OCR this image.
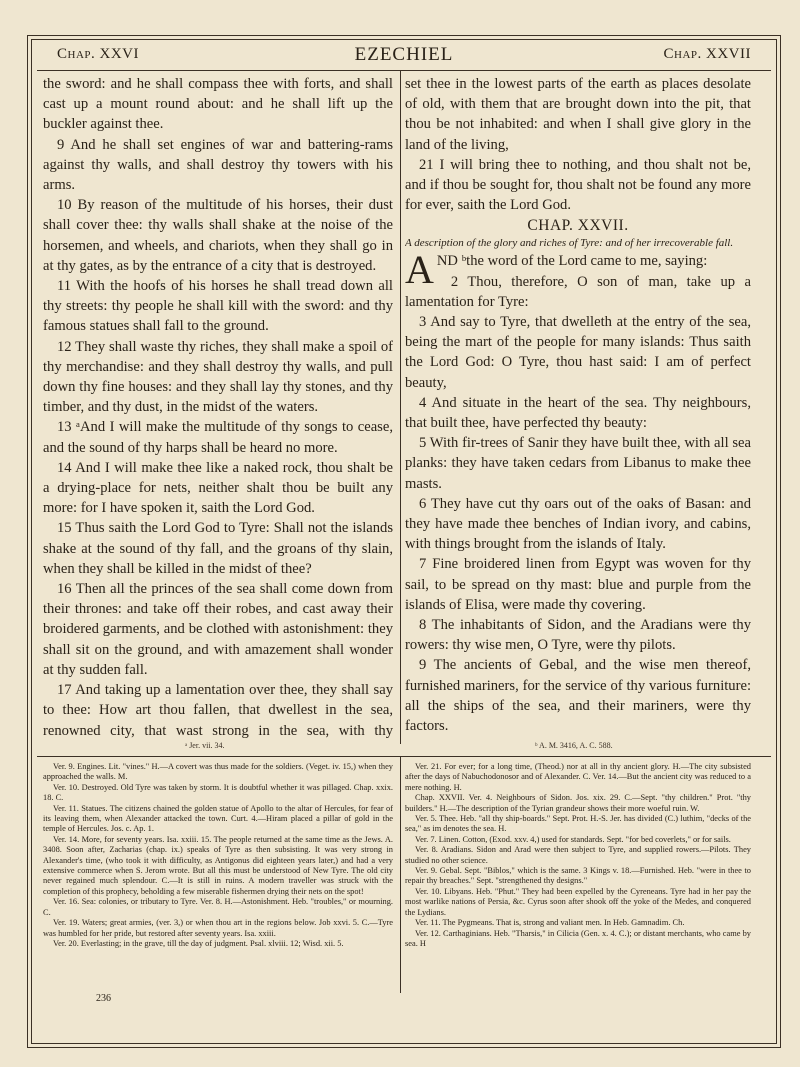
Chap. XXVI	EZECHIEL	Chap. XXVII

the sword: and he shall compass thee with forts, and shall cast up a mount round about: and he shall lift up the buckler against thee.

9 And he shall set engines of war and battering-rams against thy walls, and shall destroy thy towers with his arms.

10 By reason of the multitude of his horses, their dust shall cover thee: thy walls shall shake at the noise of the horsemen, and wheels, and chariots, when they shall go in at thy gates, as by the entrance of a city that is destroyed.

11 With the hoofs of his horses he shall tread down all thy streets: thy people he shall kill with the sword: and thy famous statues shall fall to the ground.

12 They shall waste thy riches, they shall make a spoil of thy merchandise: and they shall destroy thy walls, and pull down thy fine houses: and they shall lay thy stones, and thy timber, and thy dust, in the midst of the waters.

13 ᵃAnd I will make the multitude of thy songs to cease, and the sound of thy harps shall be heard no more.

14 And I will make thee like a naked rock, thou shalt be a drying-place for nets, neither shalt thou be built any more: for I have spoken it, saith the Lord God.

15 Thus saith the Lord God to Tyre: Shall not the islands shake at the sound of thy fall, and the groans of thy slain, when they shall be killed in the midst of thee?

16 Then all the princes of the sea shall come down from their thrones: and take off their robes, and cast away their broidered garments, and be clothed with astonishment: they shall sit on the ground, and with amazement shall wonder at thy sudden fall.

17 And taking up a lamentation over thee, they shall say to thee: How art thou fallen, that dwellest in the sea, renowned city, that wast strong in the sea, with thy

set thee in the lowest parts of the earth as places desolate of old, with them that are brought down into the pit, that thou be not inhabited: and when I shall give glory in the land of the living,

21 I will bring thee to nothing, and thou shalt not be, and if thou be sought for, thou shalt not be found any more for ever, saith the Lord God.

CHAP. XXVII.

A description of the glory and riches of Tyre: and of her irrecoverable fall.

AND ᵇthe word of the Lord came to me, saying:

2 Thou, therefore, O son of man, take up a lamentation for Tyre:

3 And say to Tyre, that dwelleth at the entry of the sea, being the mart of the people for many islands: Thus saith the Lord God: O Tyre, thou hast said: I am of perfect beauty,

4 And situate in the heart of the sea. Thy neighbours, that built thee, have perfected thy beauty:

5 With fir-trees of Sanir they have built thee, with all sea planks: they have taken cedars from Libanus to make thee masts.

6 They have cut thy oars out of the oaks of Basan: and they have made thee benches of Indian ivory, and cabins, with things brought from the islands of Italy.

7 Fine broidered linen from Egypt was woven for thy sail, to be spread on thy mast: blue and purple from the islands of Elisa, were made thy covering.

8 The inhabitants of Sidon, and the Aradians were thy rowers: thy wise men, O Tyre, were thy pilots.

9 The ancients of Gebal, and the wise men thereof, furnished mariners, for the service of thy various furniture: all the ships of the sea, and their mariners, were thy factors.

ᵃ Jer. vii. 34.	ᵇ A. M. 3416, A. C. 588.

Ver. 9. Engines. Lit. "vines." H.—A covert was thus made for the soldiers. (Veget. iv. 15,) when they approached the walls. M.

Ver. 10. Destroyed. Old Tyre was taken by storm. It is doubtful whether it was pillaged. Chap. xxix. 18. C.

Ver. 11. Statues. The citizens chained the golden statue of Apollo to the altar of Hercules, for fear of its leaving them, when Alexander attacked the town. Curt. 4.—Hiram placed a pillar of gold in the temple of Hercules. Jos. c. Ap. 1.

Ver. 14. More, for seventy years. Isa. xxiii. 15. The people returned at the same time as the Jews. A. 3408. Soon after, Zacharias (chap. ix.) speaks of Tyre as then subsisting. It was very strong in Alexander's time, (who took it with difficulty, as Antigonus did eighteen years later,) and had a very extensive commerce when S. Jerom wrote. But all this must be understood of New Tyre. The old city never regained much splendour. C.—It is still in ruins. A modern traveller was struck with the completion of this prophecy, beholding a few miserable fishermen drying their nets on the spot!

Ver. 16. Sea: colonies, or tributary to Tyre. Ver. 8. H.—Astonishment. Heb. "troubles," or mourning. C.

Ver. 19. Waters; great armies, (ver. 3,) or when thou art in the regions below. Job xxvi. 5. C.—Tyre was humbled for her pride, but restored after seventy years. Isa. xxiii.

Ver. 20. Everlasting; in the grave, till the day of judgment. Psal. xlviii. 12; Wisd. xii. 5.

Ver. 21. For ever; for a long time, (Theod.) nor at all in thy ancient glory. H.—The city subsisted after the days of Nabuchodonosor and of Alexander. C. Ver. 14.—But the ancient city was reduced to a mere nothing. H.

Chap. XXVII. Ver. 4. Neighbours of Sidon. Jos. xix. 29. C.—Sept. "thy children." Prot. "thy builders." H.—The description of the Tyrian grandeur shows their more woeful ruin. W.

Ver. 5. Thee. Heb. "all thy ship-boards." Sept. Prot. H.-S. Jer. has divided (C.) luthim, "decks of the sea," as im denotes the sea. H.

Ver. 7. Linen. Cotton, (Exod. xxv. 4,) used for standards. Sept. "for bed coverlets," or for sails.

Ver. 8. Aradians. Sidon and Arad were then subject to Tyre, and supplied rowers.—Pilots. They studied no other science.

Ver. 9. Gebal. Sept. "Biblos," which is the same. 3 Kings v. 18.—Furnished. Heb. "were in thee to repair thy breaches." Sept. "strengthened thy designs."

Ver. 10. Libyans. Heb. "Phut." They had been expelled by the Cyreneans. Tyre had in her pay the most warlike nations of Persia, &c. Cyrus soon after shook off the yoke of the Medes, and conquered the Lydians.

Ver. 11. The Pygmeans. That is, strong and valiant men. In Heb. Gamnadim. Ch.

Ver. 12. Carthaginians. Heb. "Tharsis," in Cilicia (Gen. x. 4. C.); or distant merchants, who came by sea. H

236
